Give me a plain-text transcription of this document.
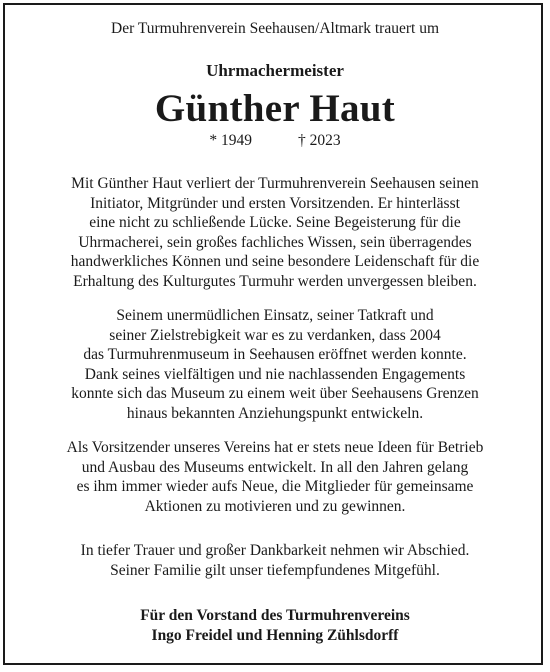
Der Turmuhrenverein Seehausen/Altmark trauert um
Uhrmachermeister
Günther Haut
* 1949	† 2023
Mit Günther Haut verliert der Turmuhrenverein Seehausen seinen
Initiator, Mitgründer und ersten Vorsitzenden. Er hinterlässt
eine nicht zu schließende Lücke. Seine Begeisterung für die
Uhrmacherei, sein großes fachliches Wissen, sein überragendes
handwerkliches Können und seine besondere Leidenschaft für die
Erhaltung des Kulturgutes Turmuhr werden unvergessen bleiben.
Seinem unermüdlichen Einsatz, seiner Tatkraft und
seiner Zielstrebigkeit war es zu verdanken, dass 2004
das Turmuhrenmuseum in Seehausen eröffnet werden konnte.
Dank seines vielfältigen und nie nachlassenden Engagements
konnte sich das Museum zu einem weit über Seehausens Grenzen
hinaus bekannten Anziehungspunkt entwickeln.
Als Vorsitzender unseres Vereins hat er stets neue Ideen für Betrieb
und Ausbau des Museums entwickelt. In all den Jahren gelang
es ihm immer wieder aufs Neue, die Mitglieder für gemeinsame
Aktionen zu motivieren und zu gewinnen.
In tiefer Trauer und großer Dankbarkeit nehmen wir Abschied.
Seiner Familie gilt unser tiefempfundenes Mitgefühl.
Für den Vorstand des Turmuhrenvereins
Ingo Freidel und Henning Zühlsdorff
